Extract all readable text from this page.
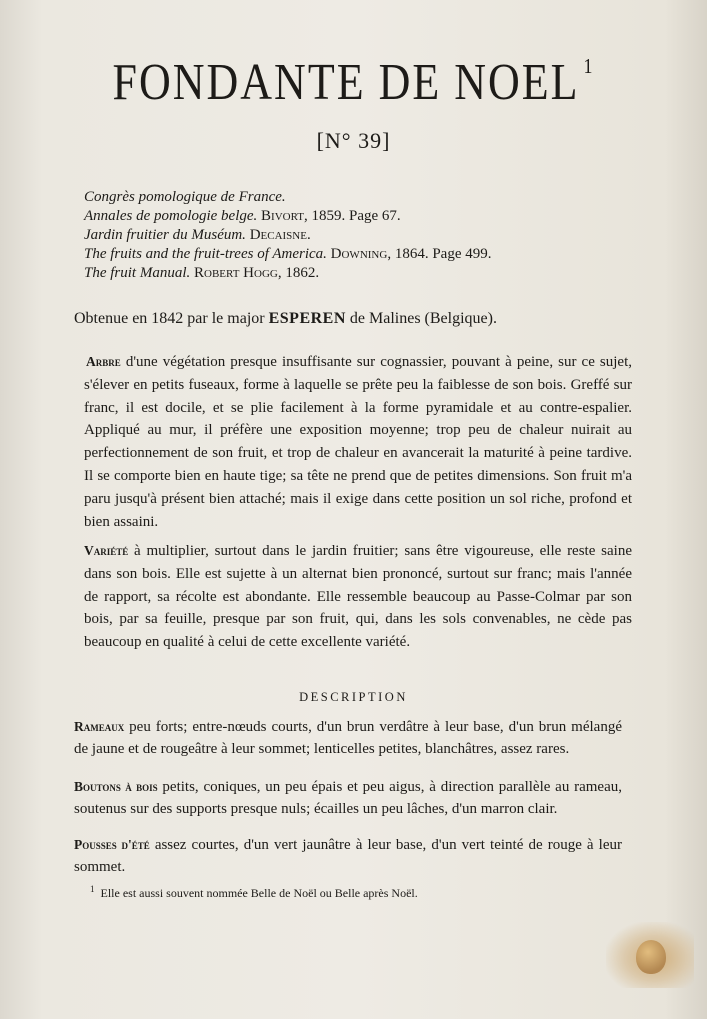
FONDANTE DE NOEL $^1$
[N° 39]
Congrès pomologique de France.
Annales de pomologie belge. Bivort, 1859. Page 67.
Jardin fruitier du Muséum. Decaisne.
The fruits and the fruit-trees of America. Downing, 1864. Page 499.
The fruit Manual. Robert Hogg, 1862.
Obtenue en 1842 par le major ESPEREN de Malines (Belgique).
Arbre d'une végétation presque insuffisante sur cognassier, pouvant à peine, sur ce sujet, s'élever en petits fuseaux, forme à laquelle se prête peu la faiblesse de son bois. Greffé sur franc, il est docile, et se plie facilement à la forme pyramidale et au contre-espalier. Appliqué au mur, il préfère une exposition moyenne; trop peu de chaleur nuirait au perfectionnement de son fruit, et trop de chaleur en avancerait la maturité à peine tardive. Il se comporte bien en haute tige; sa tête ne prend que de petites dimensions. Son fruit m'a paru jusqu'à présent bien attaché; mais il exige dans cette position un sol riche, profond et bien assaini.
Variété à multiplier, surtout dans le jardin fruitier; sans être vigoureuse, elle reste saine dans son bois. Elle est sujette à un alternat bien prononcé, surtout sur franc; mais l'année de rapport, sa récolte est abondante. Elle ressemble beaucoup au Passe-Colmar par son bois, par sa feuille, presque par son fruit, qui, dans les sols convenables, ne cède pas beaucoup en qualité à celui de cette excellente variété.
DESCRIPTION
Rameaux peu forts; entre-nœuds courts, d'un brun verdâtre à leur base, d'un brun mélangé de jaune et de rougeâtre à leur sommet; lenticelles petites, blanchâtres, assez rares.
Boutons à bois petits, coniques, un peu épais et peu aigus, à direction parallèle au rameau, soutenus sur des supports presque nuls; écailles un peu lâches, d'un marron clair.
Pousses d'été assez courtes, d'un vert jaunâtre à leur base, d'un vert teinté de rouge à leur sommet.
$^1$ Elle est aussi souvent nommée Belle de Noël ou Belle après Noël.
